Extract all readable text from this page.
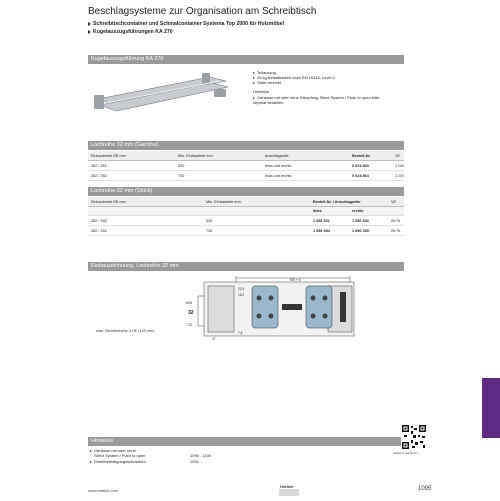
Beschlagsysteme zur Organisation am Schreibtisch
Schreibtischcontainer und Schmalcontainer Systema Top 2000 für Holzmöbel
Kugelauszugsführungen KA 270
Kugelauszugsführung KA 270
Teilauszug
25 kg Belastbarkeit nach EN 15338, Level 2
Stahl verzinkt
Hinweise
Gehäuse mit oder ohne Dämpfung Silent System / Push to open bitte separat bestellen
Lochreihe 32 mm (Garnitur)
Einbaubreite EB mm	Min. Einbautiefe mm	Anschlagseite	Bestell-Nr.	VE
282 / 392	530	links und rechts	0 024 863	1 GN
282 / 392	730	links und rechts	0 024 864	1 GN
Lochreihe 32 mm (Stück)
Einbaubreite EB mm	Min. Einbautiefe mm	Bestell-Nr. / Anschlagseite		VE
		links	rechts	
282 / 392	530	1 056 351	1 056 352	25 St.
282 / 392	730	1 056 354	1 056 355	25 St.
Einbauzeichnung, Lochreihe 32 mm
EB + 4
69,8
32
7,32
37
22,4
16,2
7,5
max. Blendenhöhe 3 HE (143 mm)
Hinweise
Gehäuse mit oder ohne
Silent System / Push to open	1090 - 1100
Direktbefestigungsschrauben	1091
hettich.com/short/…
www.hettich.com
Hettich	1095
